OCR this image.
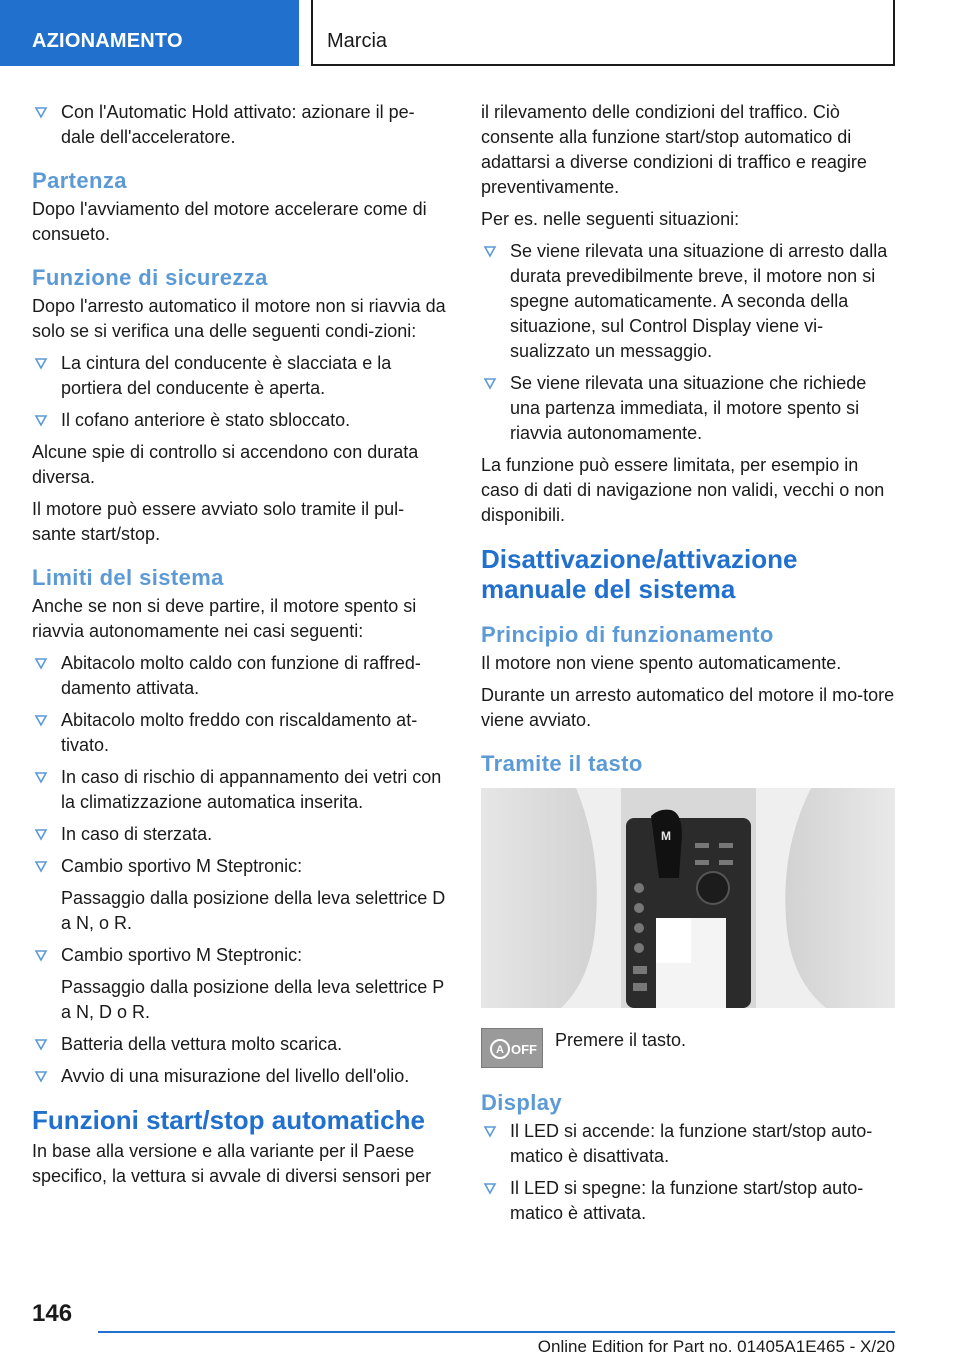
AZIONAMENTO	Marcia
Con l'Automatic Hold attivato: azionare il pe-dale dell'acceleratore.
Partenza
Dopo l'avviamento del motore accelerare come di consueto.
Funzione di sicurezza
Dopo l'arresto automatico il motore non si riavvia da solo se si verifica una delle seguenti condi-zioni:
La cintura del conducente è slacciata e la portiera del conducente è aperta.
Il cofano anteriore è stato sbloccato.
Alcune spie di controllo si accendono con durata diversa.
Il motore può essere avviato solo tramite il pul-sante start/stop.
Limiti del sistema
Anche se non si deve partire, il motore spento si riavvia autonomamente nei casi seguenti:
Abitacolo molto caldo con funzione di raffred-damento attivata.
Abitacolo molto freddo con riscaldamento at-tivato.
In caso di rischio di appannamento dei vetri con la climatizzazione automatica inserita.
In caso di sterzata.
Cambio sportivo M Steptronic:
Passaggio dalla posizione della leva selettrice D a N, o R.
Cambio sportivo M Steptronic:
Passaggio dalla posizione della leva selettrice P a N, D o R.
Batteria della vettura molto scarica.
Avvio di una misurazione del livello dell'olio.
Funzioni start/stop automatiche
In base alla versione e alla variante per il Paese specifico, la vettura si avvale di diversi sensori per
il rilevamento delle condizioni del traffico. Ciò consente alla funzione start/stop automatico di adattarsi a diverse condizioni di traffico e reagire preventivamente.
Per es. nelle seguenti situazioni:
Se viene rilevata una situazione di arresto dalla durata prevedibilmente breve, il motore non si spegne automaticamente. A seconda della situazione, sul Control Display viene vi-sualizzato un messaggio.
Se viene rilevata una situazione che richiede una partenza immediata, il motore spento si riavvia autonomamente.
La funzione può essere limitata, per esempio in caso di dati di navigazione non validi, vecchi o non disponibili.
Disattivazione/attivazione manuale del sistema
Principio di funzionamento
Il motore non viene spento automaticamente.
Durante un arresto automatico del motore il mo-tore viene avviato.
Tramite il tasto
M
A OFF Premere il tasto.
Display
Il LED si accende: la funzione start/stop auto-matico è disattivata.
Il LED si spegne: la funzione start/stop auto-matico è attivata.
146
Online Edition for Part no. 01405A1E465 - X/20
